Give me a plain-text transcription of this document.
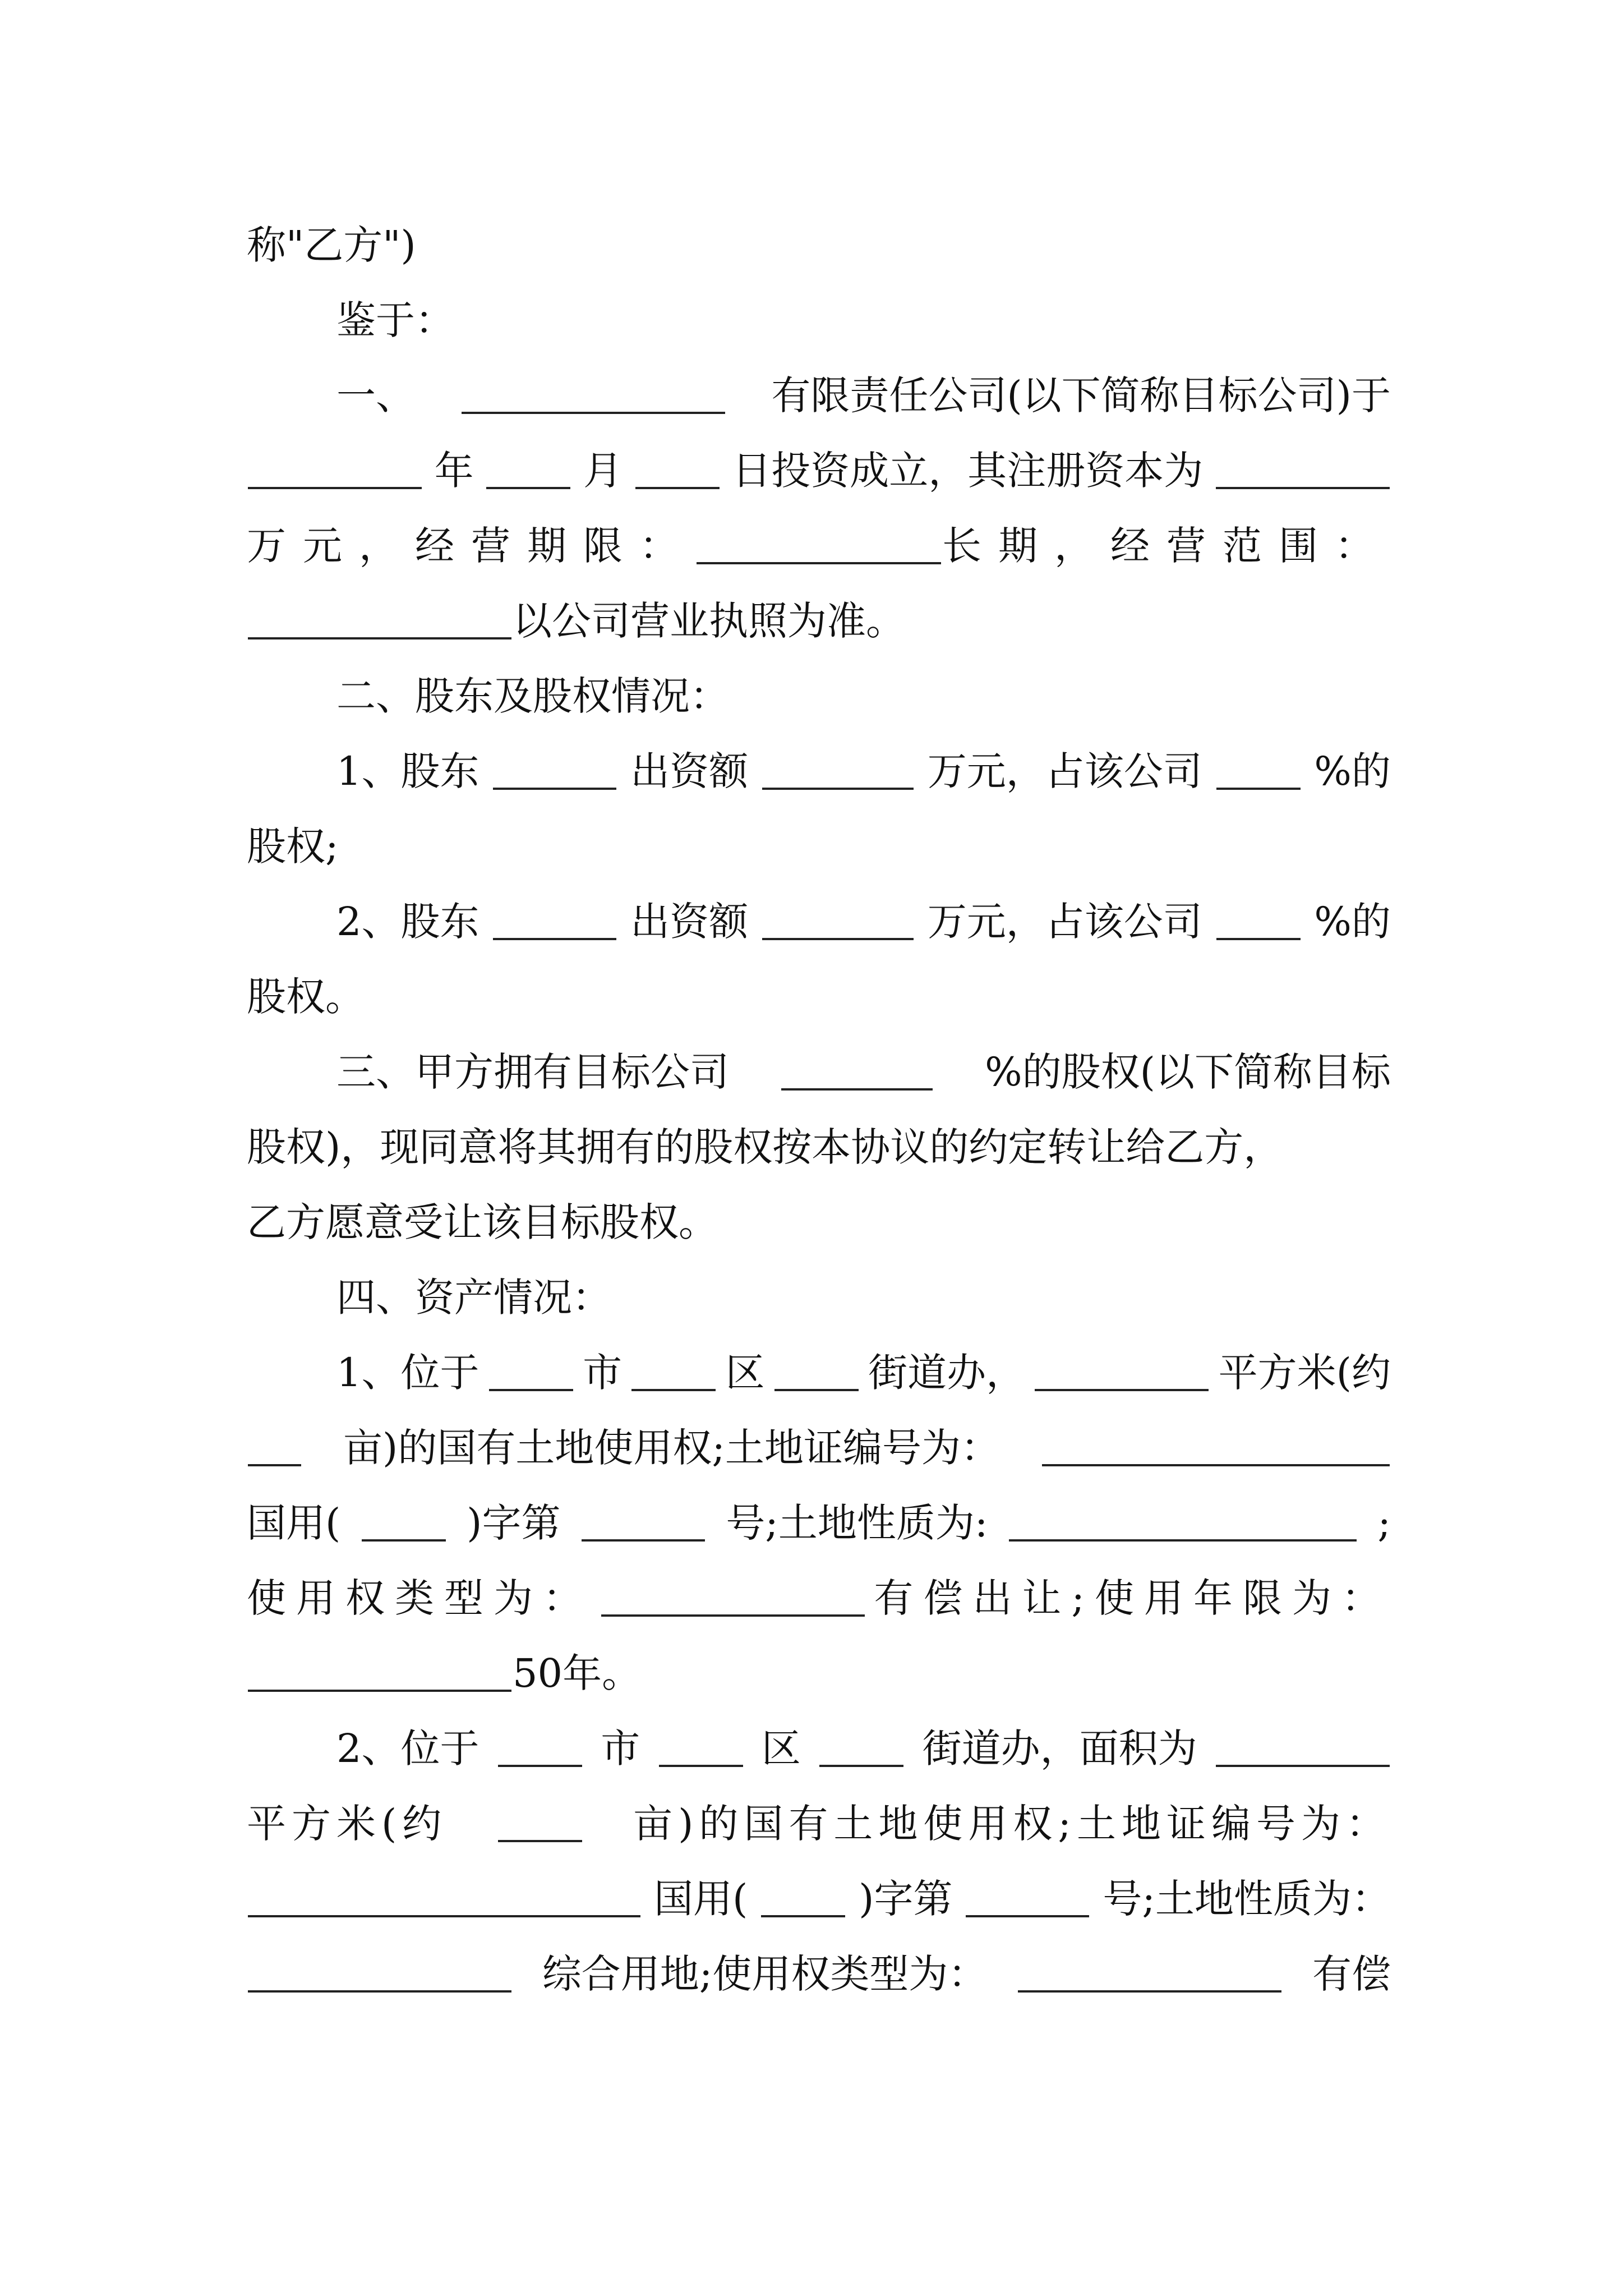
称"乙方")
鉴于：
一、	有限责任公司(以下简称目标公司)于
年	月	日投资成立，其注册资本为
万元，经营期限：	长期，经营范围：
以公司营业执照为准。
二、股东及股权情况：
1、股东	出资额	万元，占该公司	%的
股权;
2、股东	出资额	万元，占该公司	%的
股权。
三、甲方拥有目标公司	%的股权(以下简称目标
股权)，现同意将其拥有的股权按本协议的约定转让给乙方，
乙方愿意受让该目标股权。
四、资产情况：
1、位于	市	区	街道办，	平方米(约
亩)的国有土地使用权;土地证编号为：
国用(	)字第	号;土地性质为:	;
使用权类型为：	有偿出让;使用年限为：
50年。
2、位于	市	区	街道办，面积为
平方米(约	亩)的国有土地使用权;土地证编号为：
国用(	)字第	号;土地性质为：
综合用地;使用权类型为：	有偿
